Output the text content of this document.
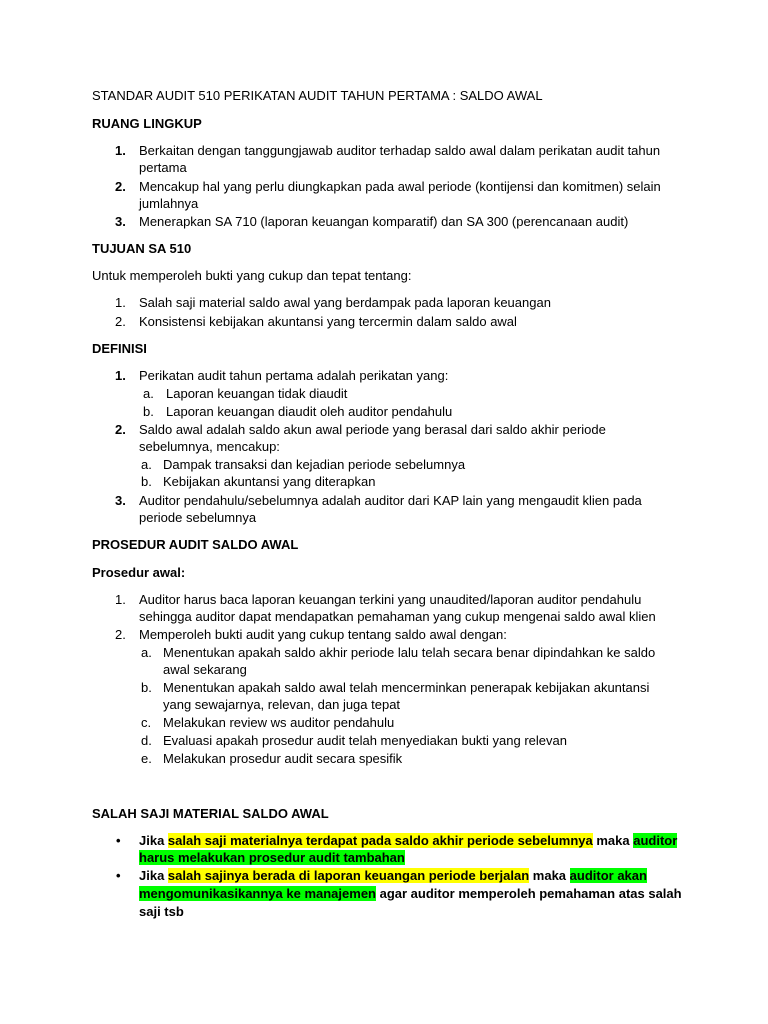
STANDAR AUDIT 510 PERIKATAN AUDIT TAHUN PERTAMA : SALDO AWAL
RUANG LINGKUP
1. Berkaitan dengan tanggungjawab auditor terhadap saldo awal dalam perikatan audit tahun
pertama
2. Mencakup hal yang perlu diungkapkan pada awal periode (kontijensi dan komitmen) selain
jumlahnya
3. Menerapkan SA 710 (laporan keuangan komparatif) dan SA 300 (perencanaan audit)
TUJUAN SA 510
Untuk memperoleh bukti yang cukup dan tepat tentang:
1. Salah saji material saldo awal yang berdampak pada laporan keuangan
2. Konsistensi kebijakan akuntansi yang tercermin dalam saldo awal
DEFINISI
1. Perikatan audit tahun pertama adalah perikatan yang:
a. Laporan keuangan tidak diaudit
b. Laporan keuangan diaudit oleh auditor pendahulu
2. Saldo awal adalah saldo akun awal periode yang berasal dari saldo akhir periode
sebelumnya, mencakup:
a. Dampak transaksi dan kejadian periode sebelumnya
b. Kebijakan akuntansi yang diterapkan
3. Auditor pendahulu/sebelumnya adalah auditor dari KAP lain yang mengaudit klien pada
periode sebelumnya
PROSEDUR AUDIT SALDO AWAL
Prosedur awal:
1. Auditor harus baca laporan keuangan terkini yang unaudited/laporan auditor pendahulu
sehingga auditor dapat mendapatkan pemahaman yang cukup mengenai saldo awal klien
2. Memperoleh bukti audit yang cukup tentang saldo awal dengan:
a. Menentukan apakah saldo akhir periode lalu telah secara benar dipindahkan ke saldo
awal sekarang
b. Menentukan apakah saldo awal telah mencerminkan penerapak kebijakan akuntansi
yang sewajarnya, relevan, dan juga tepat
c. Melakukan review ws auditor pendahulu
d. Evaluasi apakah prosedur audit telah menyediakan bukti yang relevan
e. Melakukan prosedur audit secara spesifik
SALAH SAJI MATERIAL SALDO AWAL
• Jika salah saji materialnya terdapat pada saldo akhir periode sebelumnya maka auditor
harus melakukan prosedur audit tambahan
• Jika salah sajinya berada di laporan keuangan periode berjalan maka auditor akan
mengomunikasikannya ke manajemen agar auditor memperoleh pemahaman atas salah
saji tsb
